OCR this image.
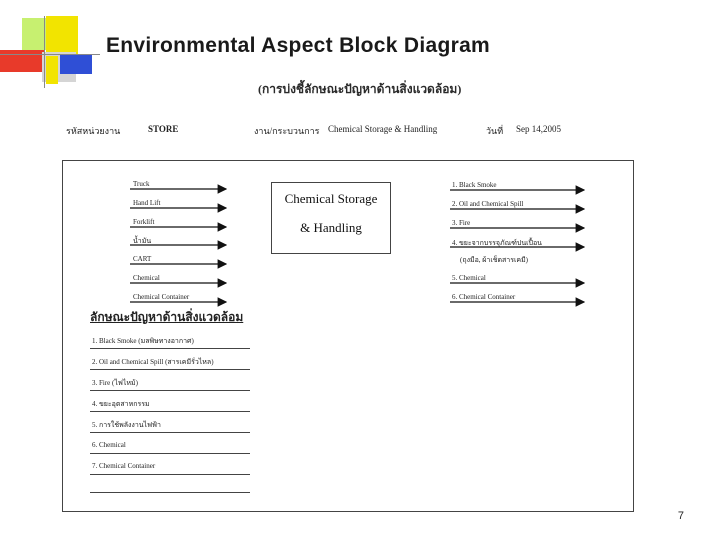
Environmental Aspect Block Diagram
(การบ่งชี้ลักษณะปัญหาด้านสิ่งแวดล้อม)
รหัสหน่วยงาน	STORE	งาน/กระบวนการ Chemical Storage & Handling	วันที่ Sep 14,2005
Truck
Hand Lift
Forklift
น้ำมัน
CART
Chemical
Chemical Container
Chemical Storage
& Handling
1. Black Smoke
2. Oil and Chemical Spill
3. Fire
4. ขยะจากบรรจุภัณฑ์ปนเปื้อน
(ถุงมือ, ผ้าเช็ดสารเคมี)
5. Chemical
6. Chemical Container
ลักษณะปัญหาด้านสิ่งแวดล้อม
1. Black Smoke (มลพิษทางอากาศ)
2. Oil and Chemical Spill (สารเคมีรั่วไหล)
3. Fire (ไฟไหม้)
4. ขยะอุตสาหกรรม
5. การใช้พลังงานไฟฟ้า
6. Chemical
7. Chemical Container
7
